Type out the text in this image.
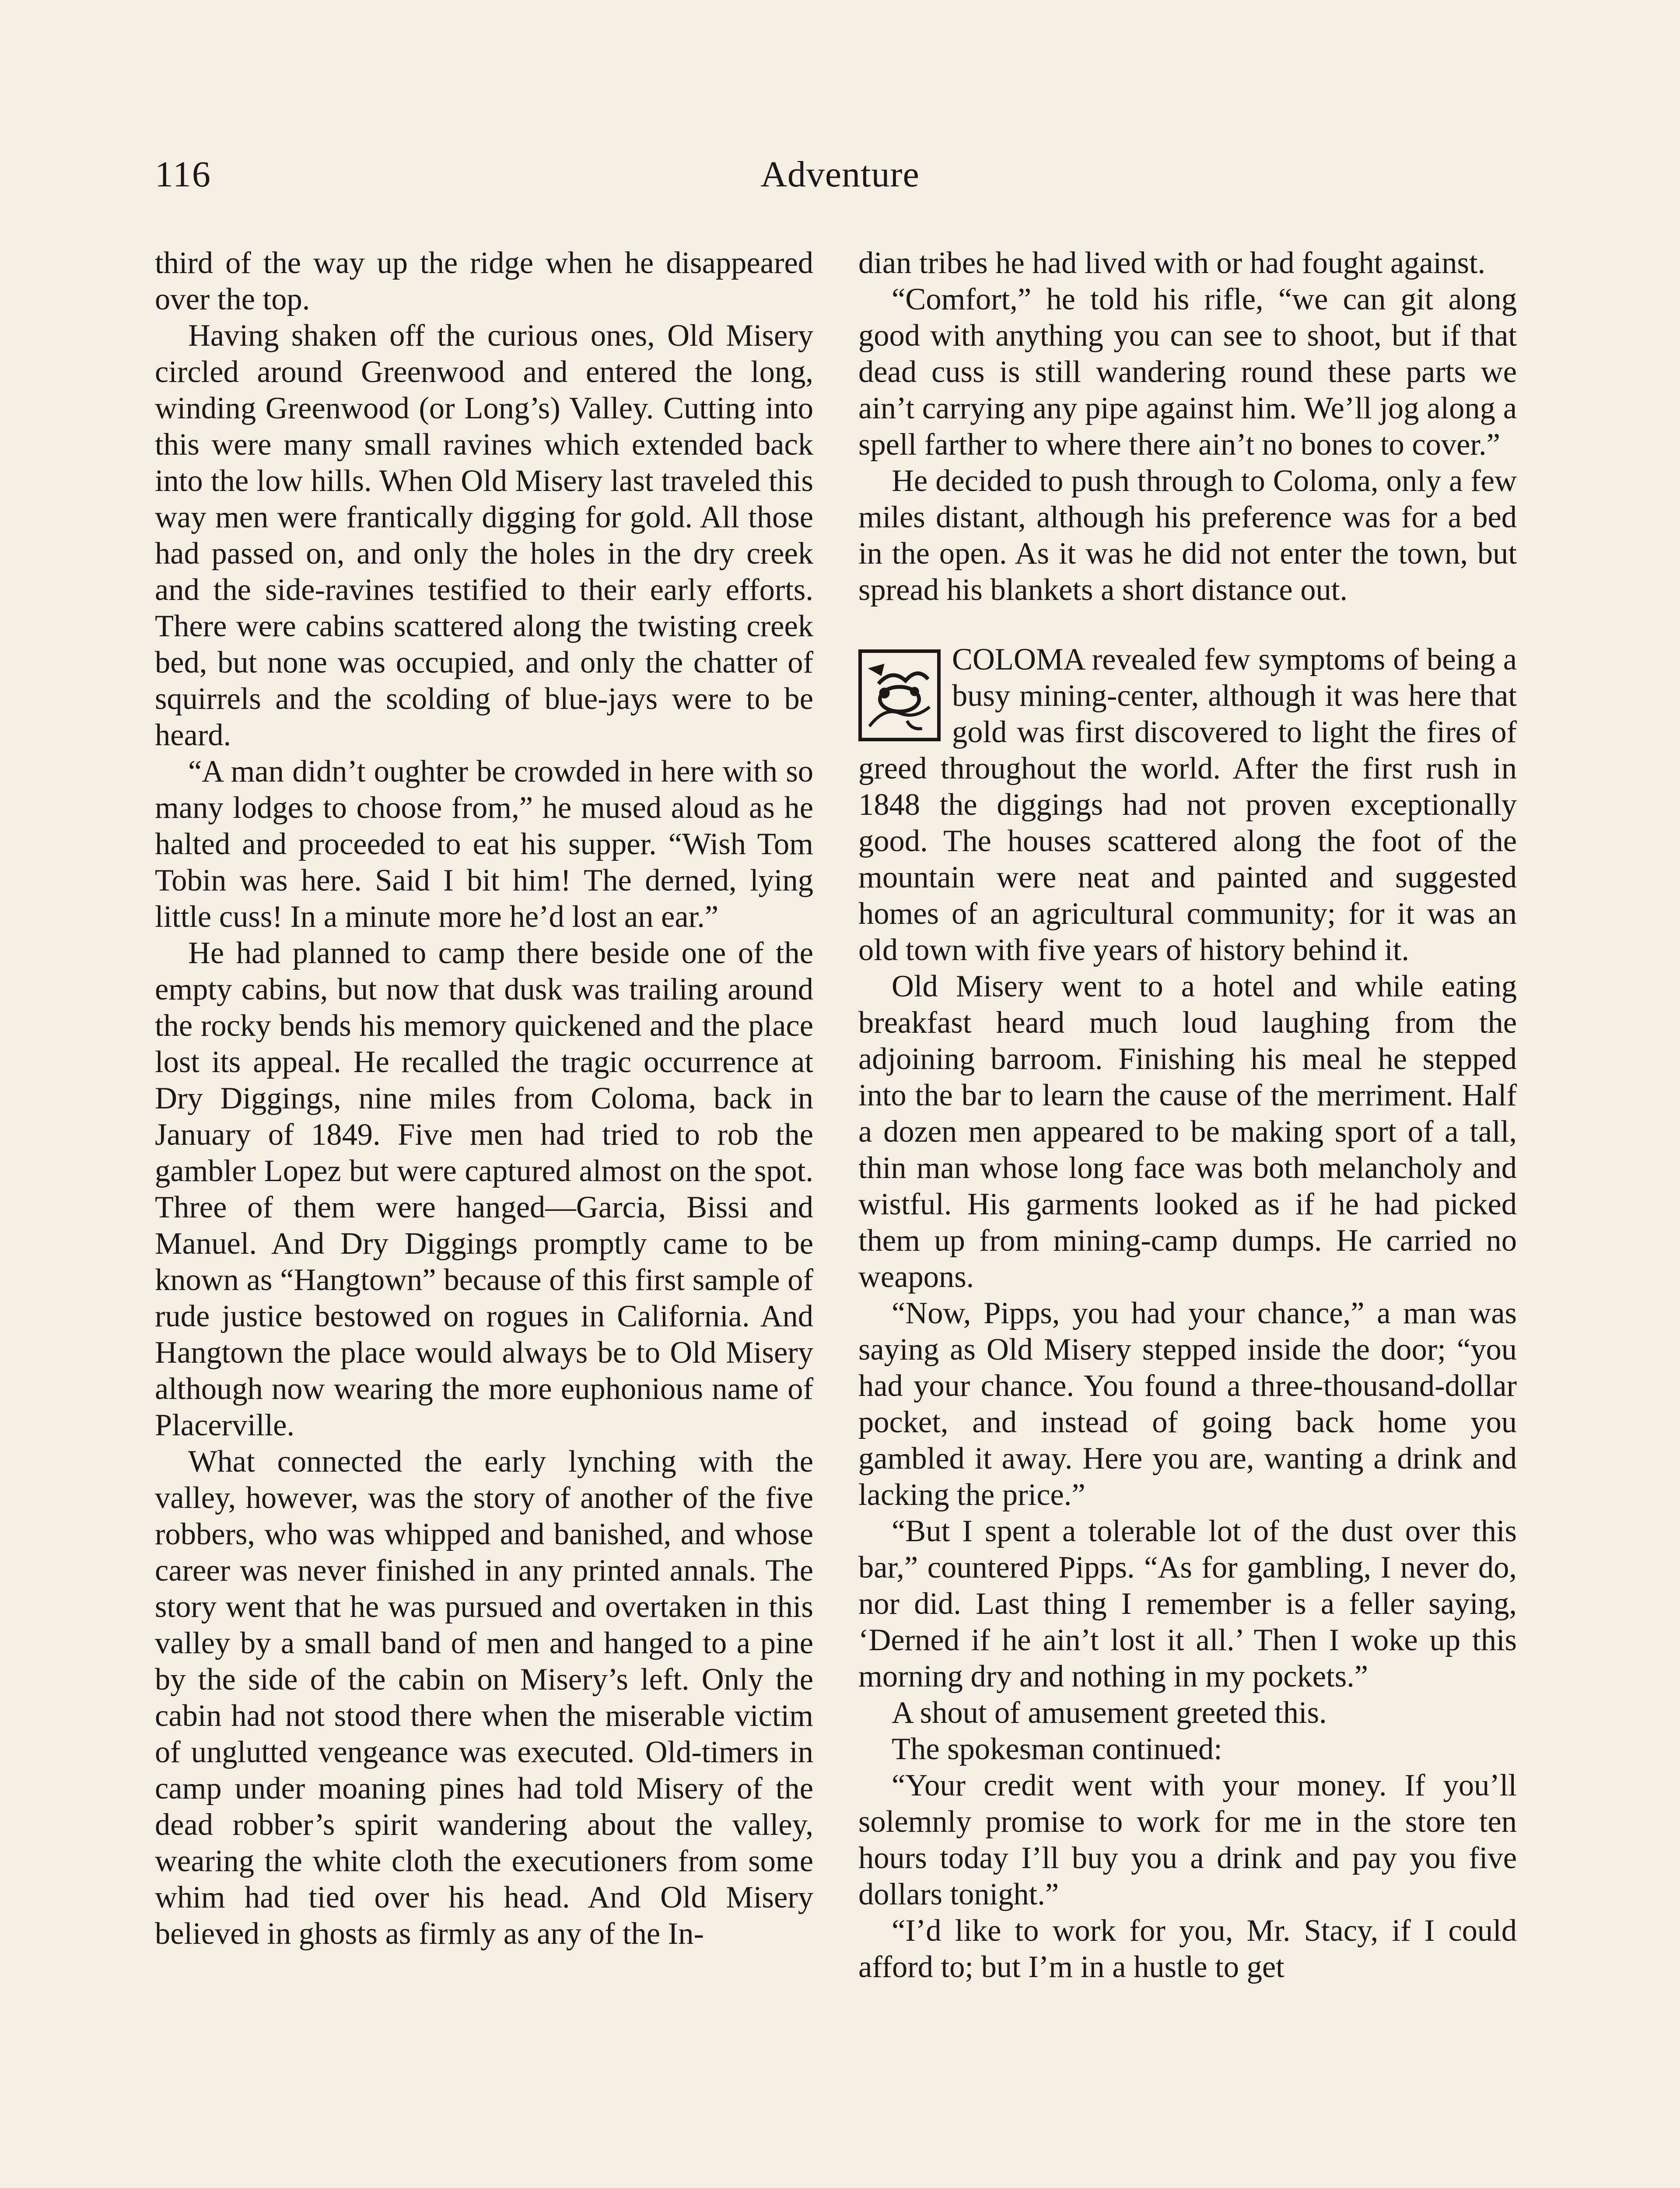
116	Adventure

third of the way up the ridge when he disappeared over the top.

Having shaken off the curious ones, Old Misery circled around Greenwood and entered the long, winding Greenwood (or Long’s) Valley. Cutting into this were many small ravines which extended back into the low hills. When Old Misery last traveled this way men were frantically digging for gold. All those had passed on, and only the holes in the dry creek and the side-ravines testified to their early efforts. There were cabins scattered along the twisting creek bed, but none was occupied, and only the chatter of squirrels and the scolding of blue-jays were to be heard.

“A man didn’t oughter be crowded in here with so many lodges to choose from,” he mused aloud as he halted and proceeded to eat his supper. “Wish Tom Tobin was here. Said I bit him! The derned, lying little cuss! In a minute more he’d lost an ear.”

He had planned to camp there beside one of the empty cabins, but now that dusk was trailing around the rocky bends his memory quickened and the place lost its appeal. He recalled the tragic occurrence at Dry Diggings, nine miles from Coloma, back in January of 1849. Five men had tried to rob the gambler Lopez but were captured almost on the spot. Three of them were hanged—Garcia, Bissi and Manuel. And Dry Diggings promptly came to be known as “Hangtown” because of this first sample of rude justice bestowed on rogues in California. And Hangtown the place would always be to Old Misery although now wearing the more euphonious name of Placerville.

What connected the early lynching with the valley, however, was the story of another of the five robbers, who was whipped and banished, and whose career was never finished in any printed annals. The story went that he was pursued and overtaken in this valley by a small band of men and hanged to a pine by the side of the cabin on Misery’s left. Only the cabin had not stood there when the miserable victim of unglutted vengeance was executed. Old-timers in camp under moaning pines had told Misery of the dead robber’s spirit wandering about the valley, wearing the white cloth the executioners from some whim had tied over his head. And Old Misery believed in ghosts as firmly as any of the In-

dian tribes he had lived with or had fought against.

“Comfort,” he told his rifle, “we can git along good with anything you can see to shoot, but if that dead cuss is still wandering round these parts we ain’t carrying any pipe against him. We’ll jog along a spell farther to where there ain’t no bones to cover.”

He decided to push through to Coloma, only a few miles distant, although his preference was for a bed in the open. As it was he did not enter the town, but spread his blankets a short distance out.

COLOMA revealed few symptoms of being a busy mining-center, although it was here that gold was first discovered to light the fires of greed throughout the world. After the first rush in 1848 the diggings had not proven exceptionally good. The houses scattered along the foot of the mountain were neat and painted and suggested homes of an agricultural community; for it was an old town with five years of history behind it.

Old Misery went to a hotel and while eating breakfast heard much loud laughing from the adjoining barroom. Finishing his meal he stepped into the bar to learn the cause of the merriment. Half a dozen men appeared to be making sport of a tall, thin man whose long face was both melancholy and wistful. His garments looked as if he had picked them up from mining-camp dumps. He carried no weapons.

“Now, Pipps, you had your chance,” a man was saying as Old Misery stepped inside the door; “you had your chance. You found a three-thousand-dollar pocket, and instead of going back home you gambled it away. Here you are, wanting a drink and lacking the price.”

“But I spent a tolerable lot of the dust over this bar,” countered Pipps. “As for gambling, I never do, nor did. Last thing I remember is a feller saying, ‘Derned if he ain’t lost it all.’ Then I woke up this morning dry and nothing in my pockets.”

A shout of amusement greeted this.

The spokesman continued:

“Your credit went with your money. If you’ll solemnly promise to work for me in the store ten hours today I’ll buy you a drink and pay you five dollars tonight.”

“I’d like to work for you, Mr. Stacy, if I could afford to; but I’m in a hustle to get
